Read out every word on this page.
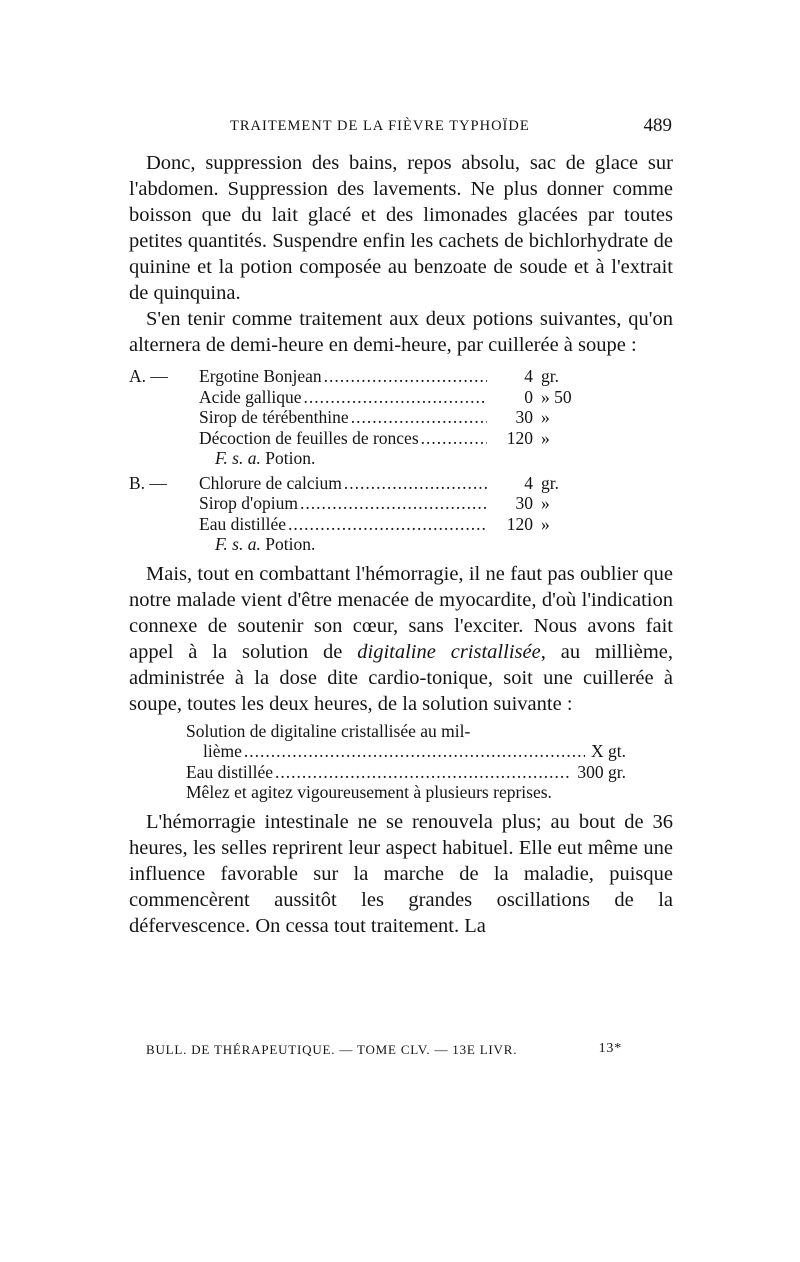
TRAITEMENT DE LA FIÈVRE TYPHOÏDE	489

Donc, suppression des bains, repos absolu, sac de glace sur l'abdomen. Suppression des lavements. Ne plus donner comme boisson que du lait glacé et des limonades glacées par toutes petites quantités. Suspendre enfin les cachets de bichlorhydrate de quinine et la potion composée au benzoate de soude et à l'extrait de quinquina.

S'en tenir comme traitement aux deux potions suivantes, qu'on alternera de demi-heure en demi-heure, par cuillerée à soupe :

A. —	Ergotine Bonjean .....	4 gr.
Acide gallique .....	0 » 50
Sirop de térébenthine .....	30 »
Décoction de feuilles de ronces .....	120 »
F. s. a. Potion.
B. —	Chlorure de calcium .....	4 gr.
Sirop d'opium .....	30 »
Eau distillée .....	120 »
F. s. a. Potion.

Mais, tout en combattant l'hémorragie, il ne faut pas oublier que notre malade vient d'être menacée de myocardite, d'où l'indication connexe de soutenir son cœur, sans l'exciter. Nous avons fait appel à la solution de digitaline cristallisée, au millième, administrée à la dose dite cardio-tonique, soit une cuillerée à soupe, toutes les deux heures, de la solution suivante :

Solution de digitaline cristallisée au mil-
lième .....	X gt.
Eau distillée .....	300 gr.
Mêlez et agitez vigoureusement à plusieurs reprises.

L'hémorragie intestinale ne se renouvela plus; au bout de 36 heures, les selles reprirent leur aspect habituel. Elle eut même une influence favorable sur la marche de la maladie, puisque commencèrent aussitôt les grandes oscillations de la défervescence. On cessa tout traitement. La

BULL. DE THÉRAPEUTIQUE. — TOME CLV. — 13E LIVR.	13*
